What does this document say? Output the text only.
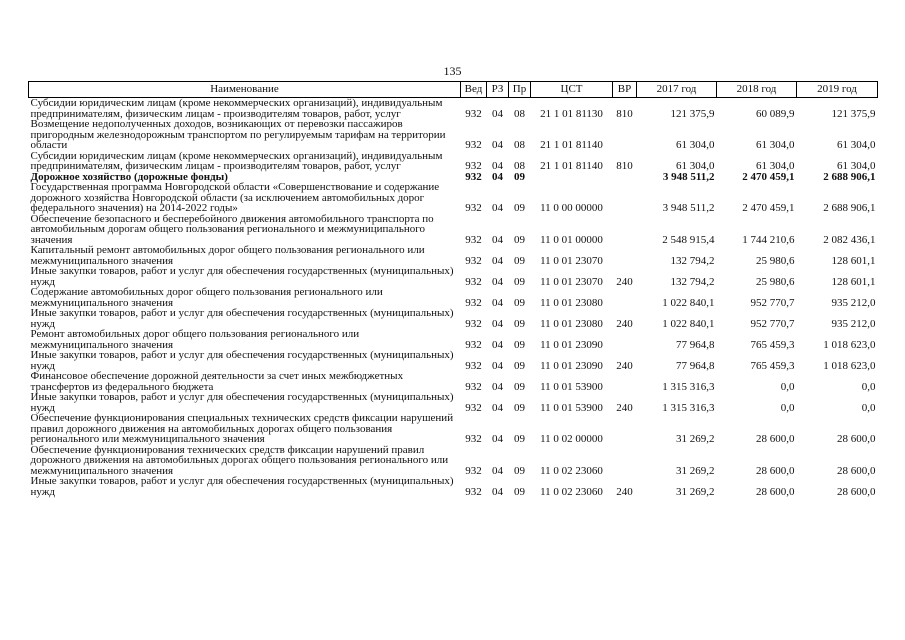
135
Наименование	Вед	РЗ	Пр	ЦСТ	ВР	2017 год	2018 год	2019 год
Субсидии юридическим лицам (кроме некоммерческих организаций), индивидуальным предпринимателям, физическим лицам - производителям товаров, работ, услуг	932	04	08	21 1 01 81130	810	121 375,9	60 089,9	121 375,9
Возмещение недополученных доходов, возникающих от перевозки пассажиров пригородным железнодорожным транспортом по регулируемым тарифам на территории области	932	04	08	21 1 01 81140		61 304,0	61 304,0	61 304,0
Субсидии юридическим лицам (кроме некоммерческих организаций), индивидуальным предпринимателям, физическим лицам - производителям товаров, работ, услуг	932	04	08	21 1 01 81140	810	61 304,0	61 304,0	61 304,0
Дорожное хозяйство (дорожные фонды)	932	04	09			3 948 511,2	2 470 459,1	2 688 906,1
Государственная программа Новгородской области «Совершенствование и содержание дорожного хозяйства Новгородской области (за исключением автомобильных дорог федерального значения) на 2014-2022 годы»	932	04	09	11 0 00 00000		3 948 511,2	2 470 459,1	2 688 906,1
Обеспечение безопасного и бесперебойного движения автомобильного транспорта по автомобильным дорогам общего пользования регионального и межмуниципального значения	932	04	09	11 0 01 00000		2 548 915,4	1 744 210,6	2 082 436,1
Капитальный ремонт автомобильных дорог общего пользования регионального или межмуниципального значения	932	04	09	11 0 01 23070		132 794,2	25 980,6	128 601,1
Иные закупки товаров, работ и услуг для обеспечения государственных (муниципальных) нужд	932	04	09	11 0 01 23070	240	132 794,2	25 980,6	128 601,1
Содержание автомобильных дорог общего пользования регионального или межмуниципального значения	932	04	09	11 0 01 23080		1 022 840,1	952 770,7	935 212,0
Иные закупки товаров, работ и услуг для обеспечения государственных (муниципальных) нужд	932	04	09	11 0 01 23080	240	1 022 840,1	952 770,7	935 212,0
Ремонт автомобильных дорог общего пользования регионального или межмуниципального значения	932	04	09	11 0 01 23090		77 964,8	765 459,3	1 018 623,0
Иные закупки товаров, работ и услуг для обеспечения государственных (муниципальных) нужд	932	04	09	11 0 01 23090	240	77 964,8	765 459,3	1 018 623,0
Финансовое обеспечение дорожной деятельности за счет иных межбюджетных трансфертов из федерального бюджета	932	04	09	11 0 01 53900		1 315 316,3	0,0	0,0
Иные закупки товаров, работ и услуг для обеспечения государственных (муниципальных) нужд	932	04	09	11 0 01 53900	240	1 315 316,3	0,0	0,0
Обеспечение функционирования специальных технических средств фиксации нарушений правил дорожного движения на автомобильных дорогах общего пользования регионального или межмуниципального значения	932	04	09	11 0 02 00000		31 269,2	28 600,0	28 600,0
Обеспечение функционирования технических средств фиксации нарушений правил дорожного движения на автомобильных дорогах общего пользования регионального или межмуниципального значения	932	04	09	11 0 02 23060		31 269,2	28 600,0	28 600,0
Иные закупки товаров, работ и услуг для обеспечения государственных (муниципальных) нужд	932	04	09	11 0 02 23060	240	31 269,2	28 600,0	28 600,0
